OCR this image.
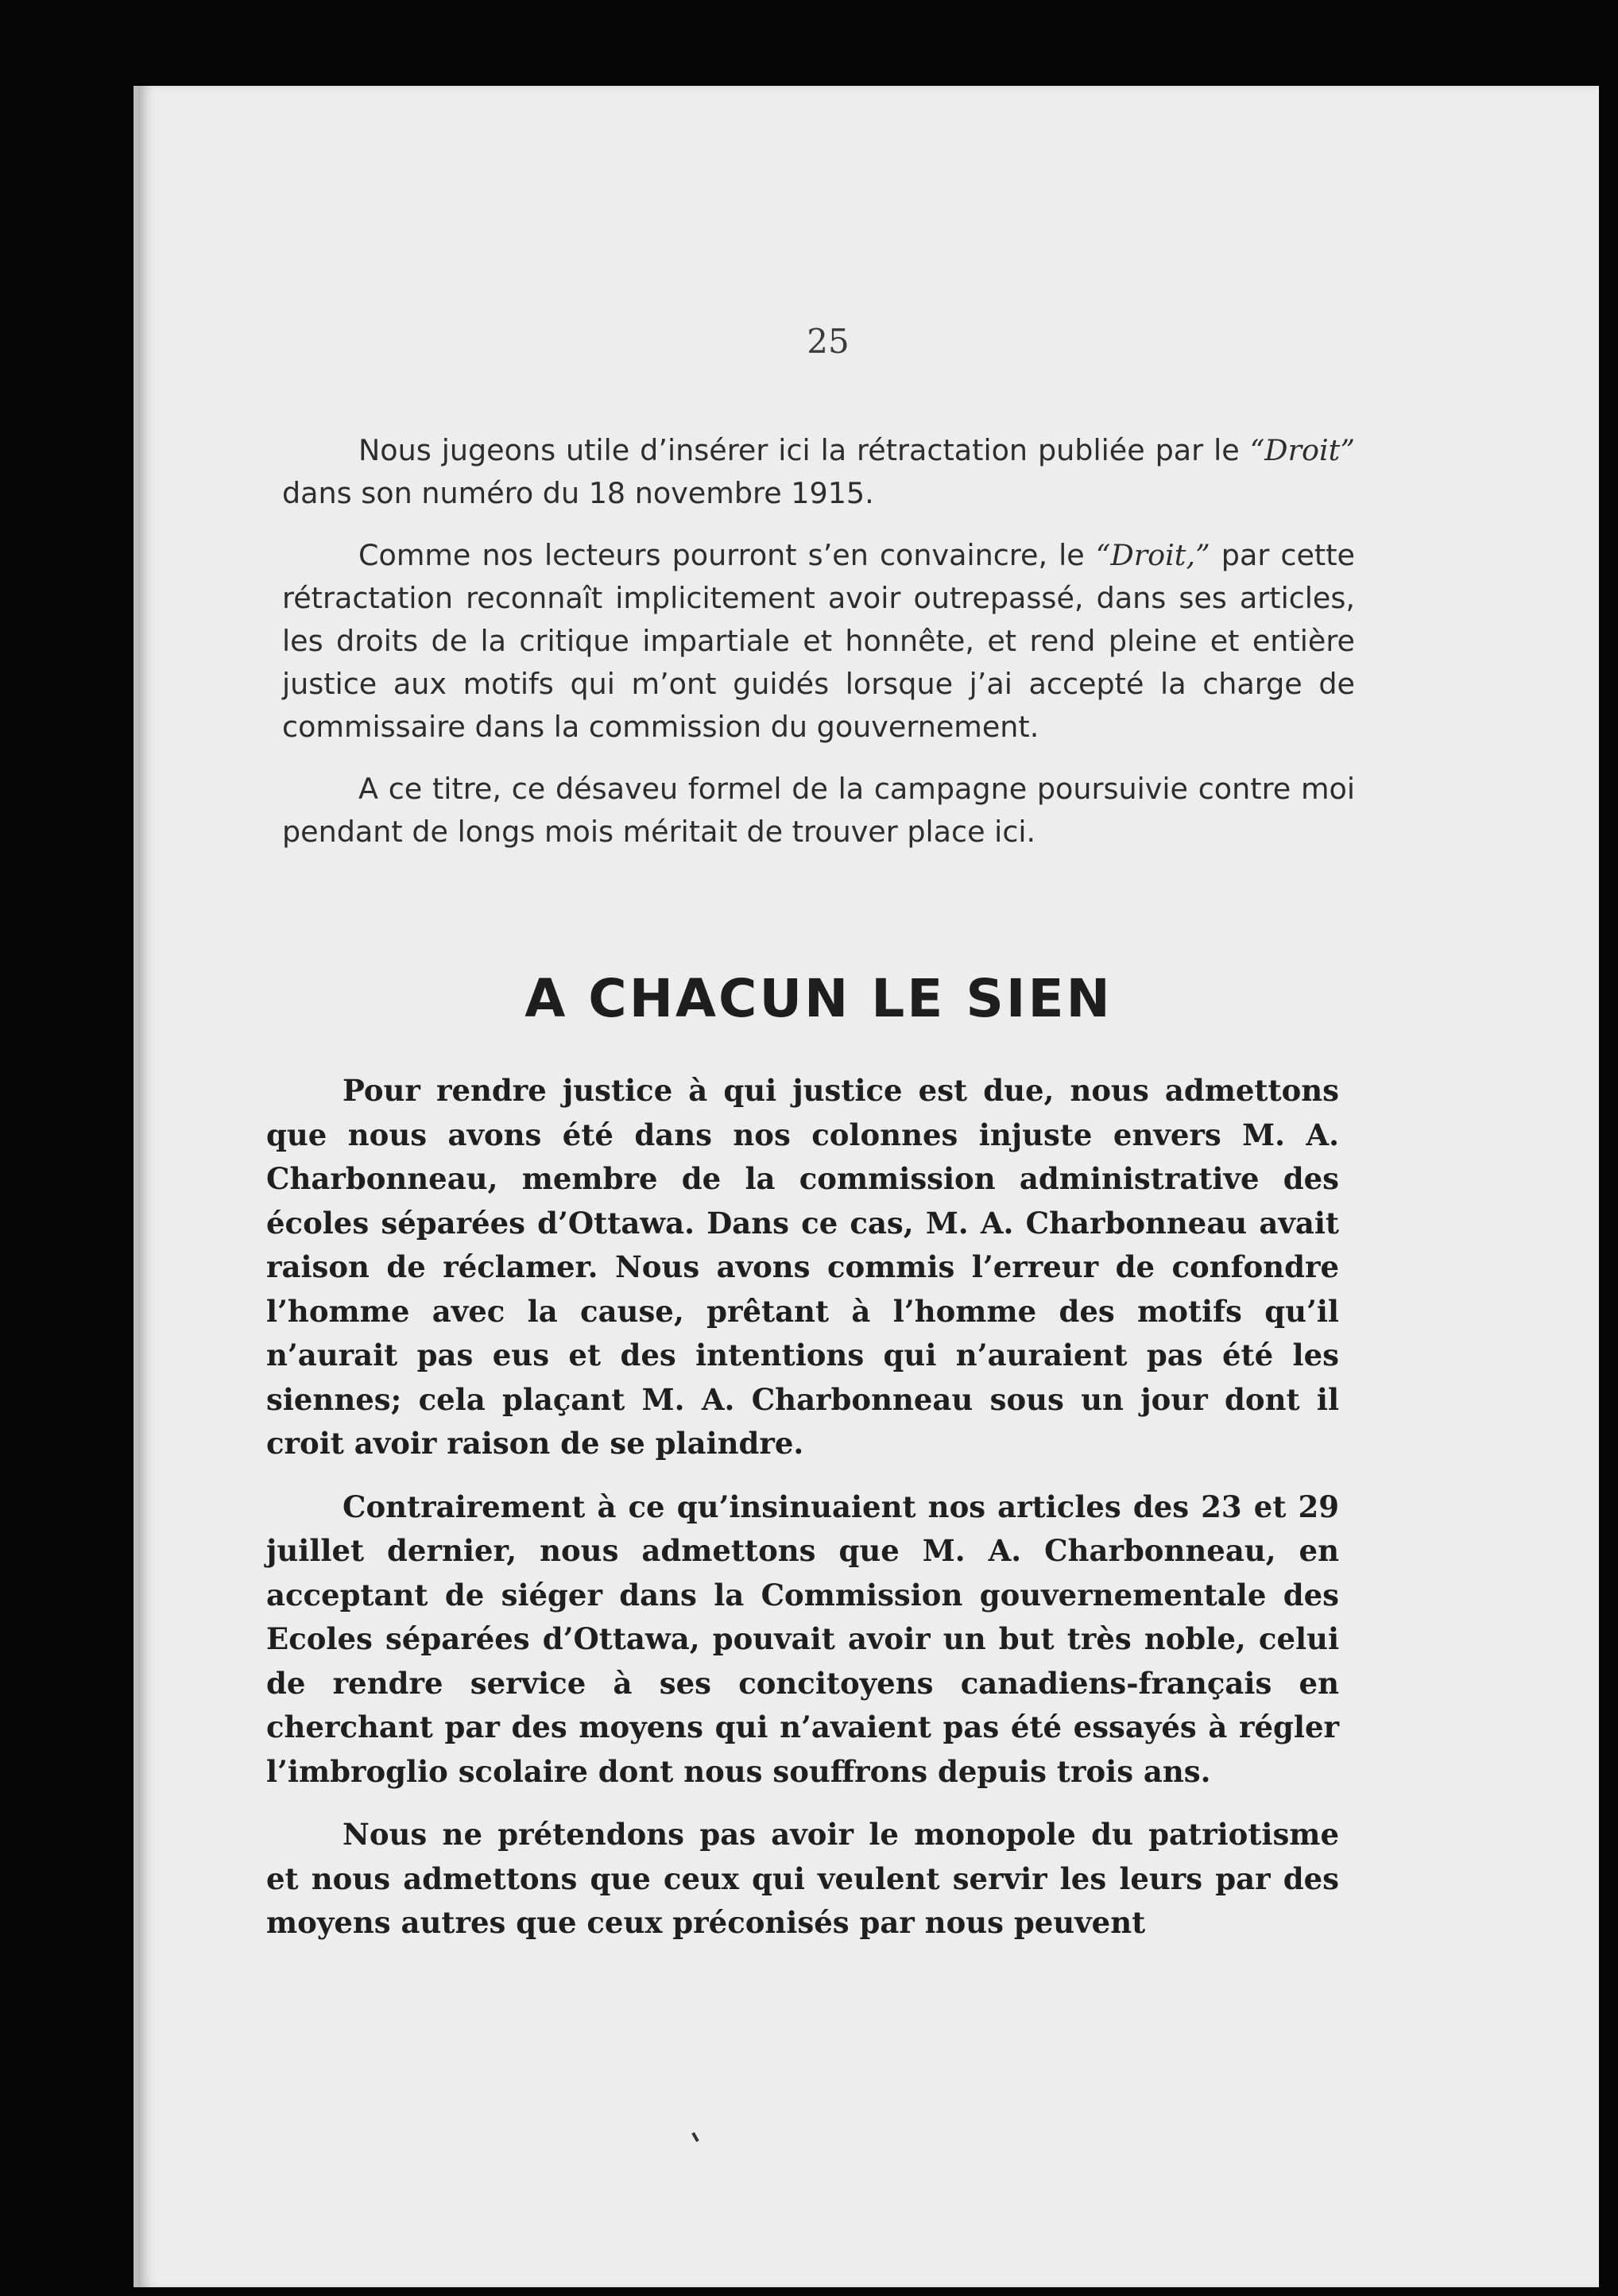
25

Nous jugeons utile d’insérer ici la rétractation publiée par le “Droit” dans son numéro du 18 novembre 1915.

Comme nos lecteurs pourront s’en convaincre, le “Droit,” par cette rétractation reconnaît implicitement avoir outrepassé, dans ses articles, les droits de la critique impartiale et honnête, et rend pleine et entière justice aux motifs qui m’ont guidés lorsque j’ai accepté la charge de commissaire dans la commission du gouvernement.

A ce titre, ce désaveu formel de la campagne poursuivie contre moi pendant de longs mois méritait de trouver place ici.

A CHACUN LE SIEN

Pour rendre justice à qui justice est due, nous admettons que nous avons été dans nos colonnes injuste envers M. A. Charbonneau, membre de la commission administrative des écoles séparées d’Ottawa. Dans ce cas, M. A. Charbonneau avait raison de réclamer. Nous avons commis l’erreur de confondre l’homme avec la cause, prêtant à l’homme des motifs qu’il n’aurait pas eus et des intentions qui n’auraient pas été les siennes; cela plaçant M. A. Charbonneau sous un jour dont il croit avoir raison de se plaindre.

Contrairement à ce qu’insinuaient nos articles des 23 et 29 juillet dernier, nous admettons que M. A. Charbonneau, en acceptant de siéger dans la Commission gouvernementale des Ecoles séparées d’Ottawa, pouvait avoir un but très noble, celui de rendre service à ses concitoyens canadiens-français en cherchant par des moyens qui n’avaient pas été essayés à régler l’imbroglio scolaire dont nous souffrons depuis trois ans.

Nous ne prétendons pas avoir le monopole du patriotisme et nous admettons que ceux qui veulent servir les leurs par des moyens autres que ceux préconisés par nous peuvent
